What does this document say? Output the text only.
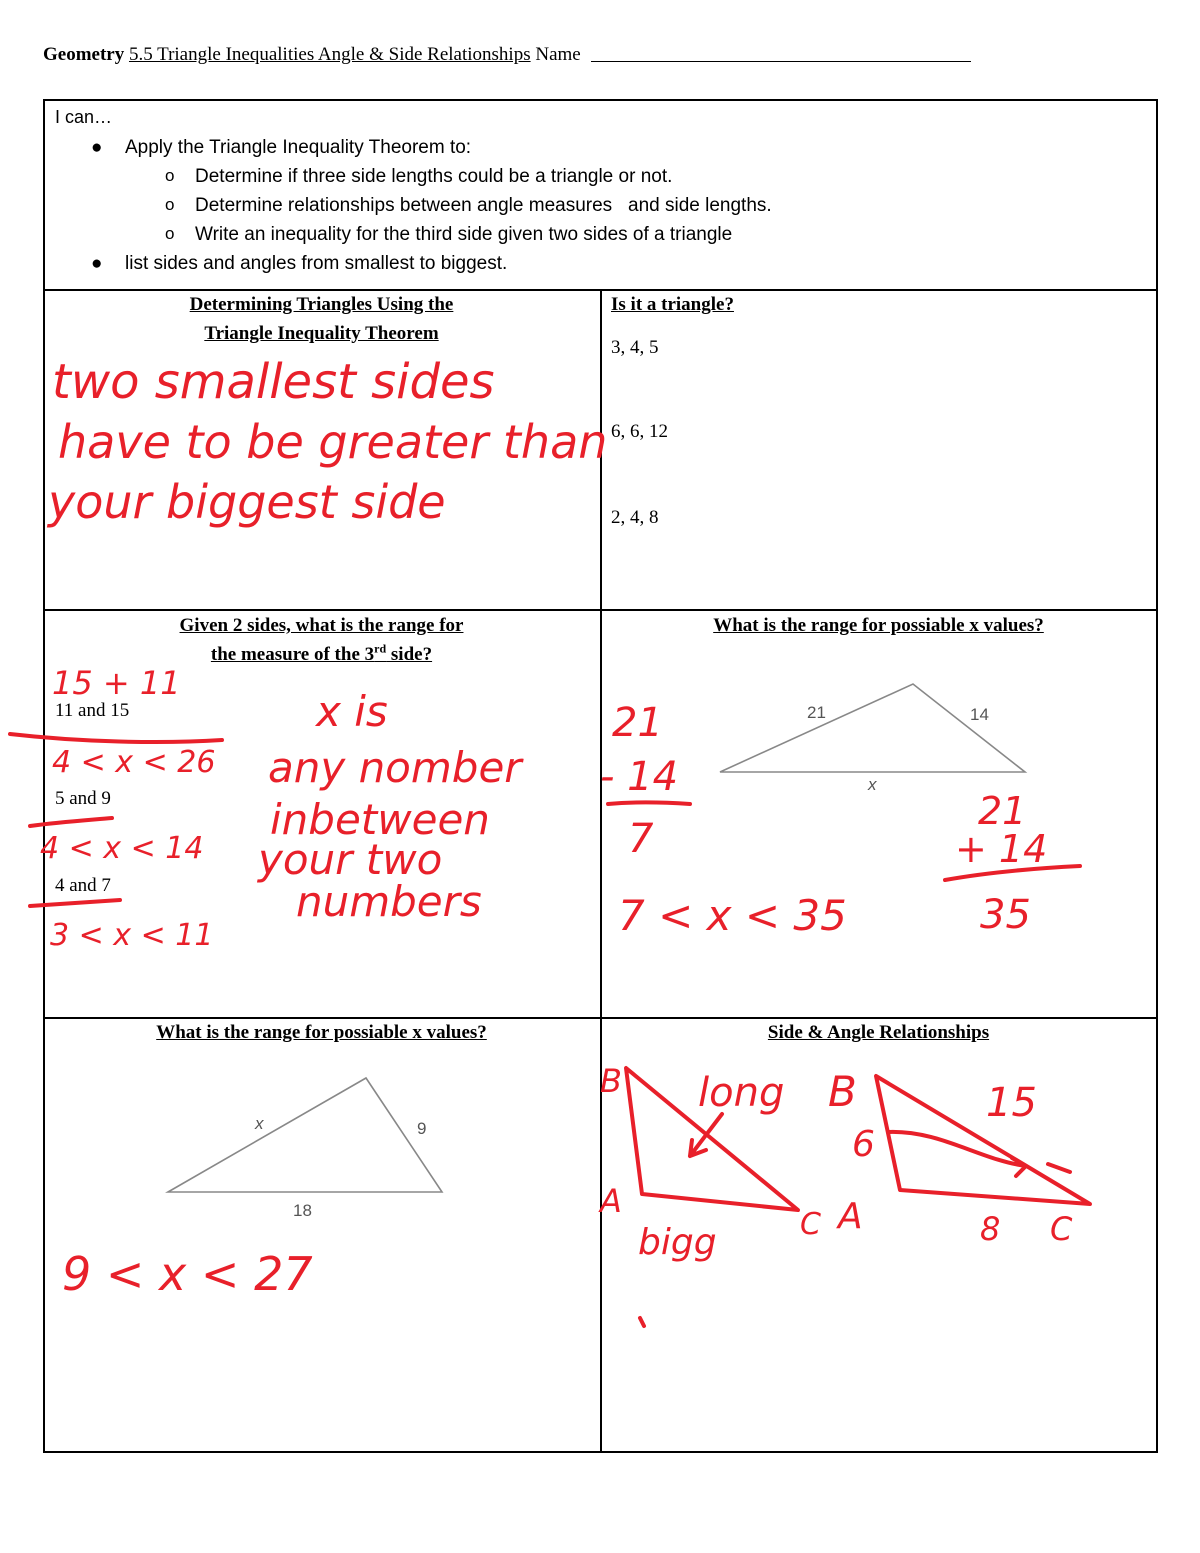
Geometry 5.5 Triangle Inequalities Angle & Side Relationships Name
I can…
● Apply the Triangle Inequality Theorem to:
o Determine if three side lengths could be a triangle or not.
o Determine relationships between angle measures   and side lengths.
o Write an inequality for the third side given two sides of a triangle
● list sides and angles from smallest to biggest.
Determining Triangles Using the
Triangle Inequality Theorem
Is it a triangle?
3, 4, 5
6, 6, 12
2, 4, 8
Given 2 sides, what is the range for
the measure of the 3rd side?
11 and 15
5 and 9
4 and 7
What is the range for possiable x values?
21	14
x
What is the range for possiable x values?
x	9
18
Side & Angle Relationships
two smallest sides
have to be greater than
your biggest side
15 + 11
4 < x < 26
4 < x < 14
3 < x < 11
x is
any nomber
inbetween
your two
numbers
21
- 14
7
21
+ 14
35
7 < x < 35
9 < x < 27
B
A
C
long
bigg
B
A	C
15
6
8
